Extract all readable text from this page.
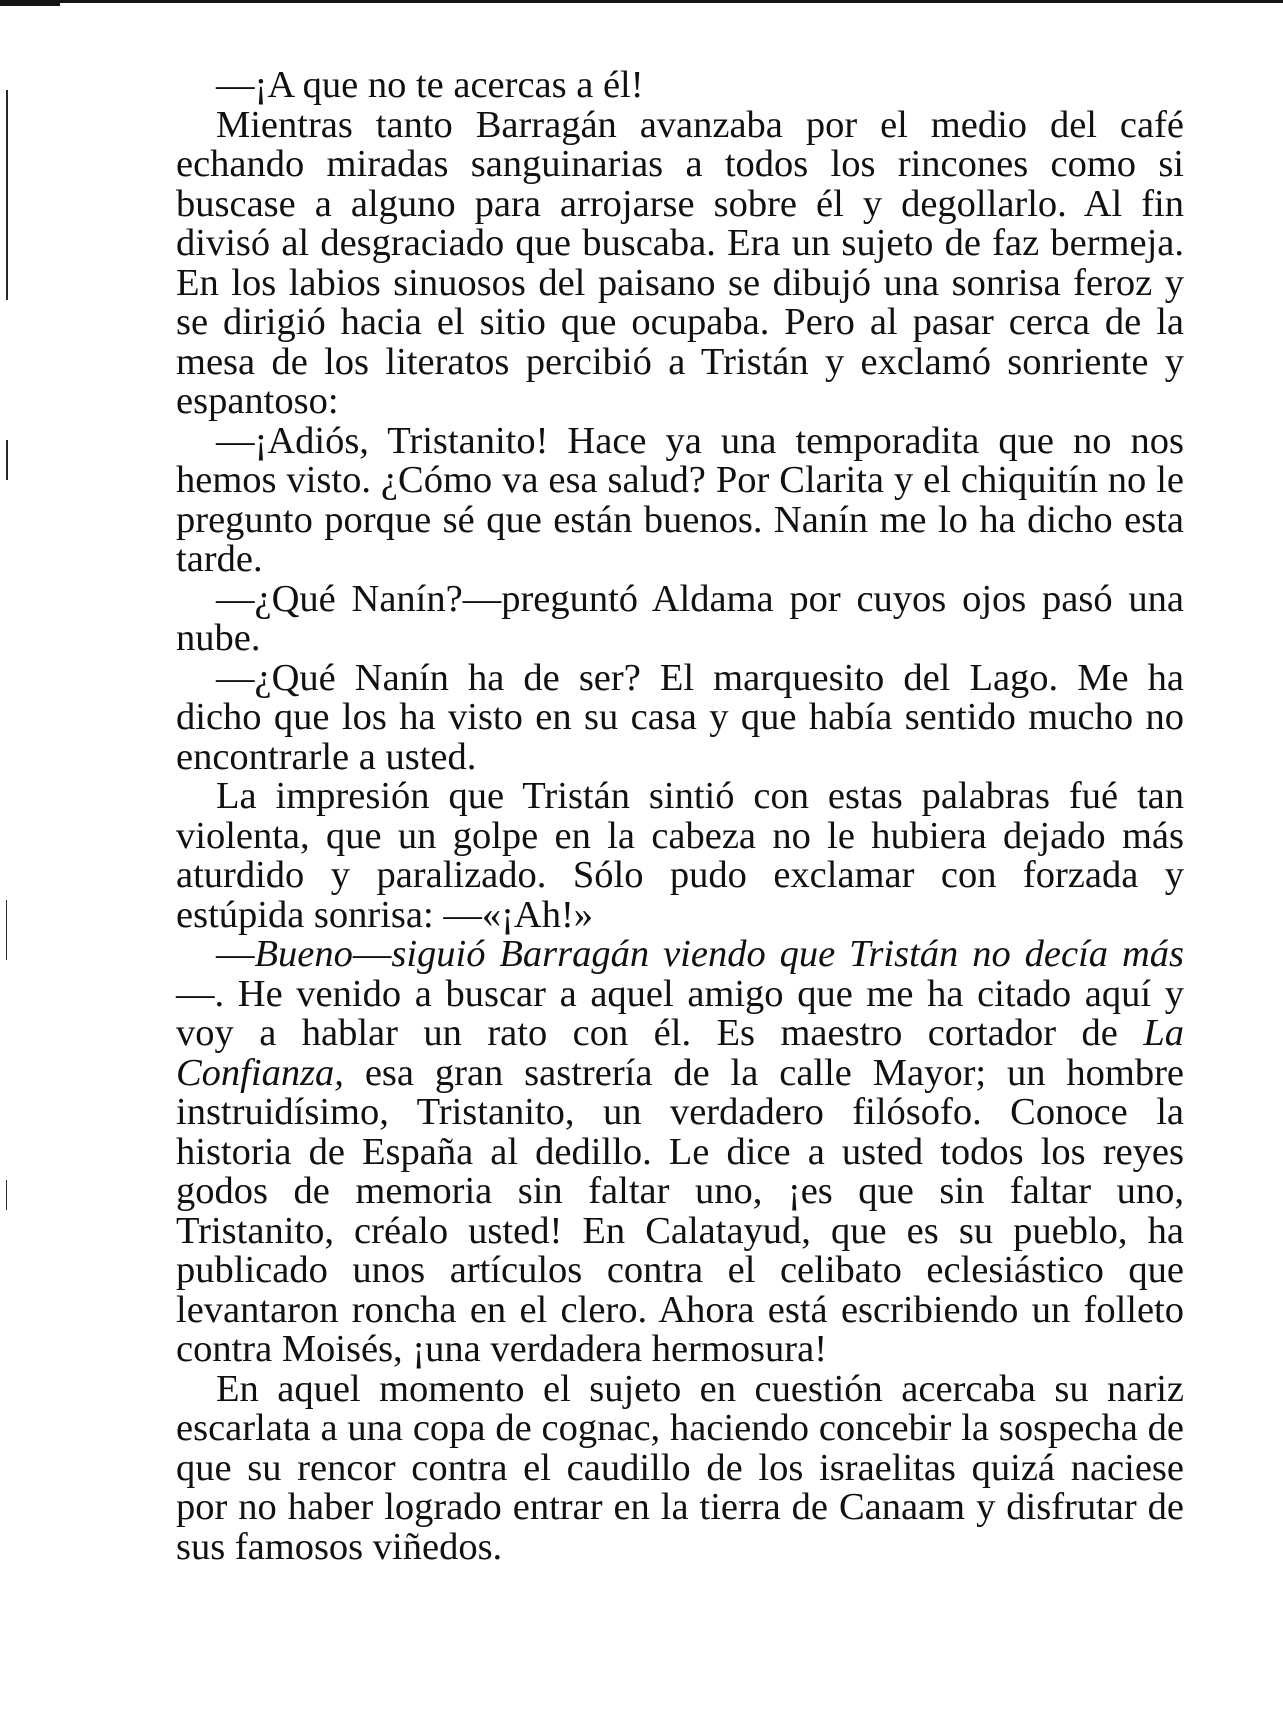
—¡A que no te acercas a él!

Mientras tanto Barragán avanzaba por el medio del café echando miradas sanguinarias a todos los rincones como si buscase a alguno para arrojarse sobre él y degollarlo. Al fin divisó al desgraciado que buscaba. Era un sujeto de faz bermeja. En los labios sinuosos del paisano se dibujó una sonrisa feroz y se dirigió hacia el sitio que ocupaba. Pero al pasar cerca de la mesa de los literatos percibió a Tristán y exclamó sonriente y espantoso:

—¡Adiós, Tristanito! Hace ya una temporadita que no nos hemos visto. ¿Cómo va esa salud? Por Clarita y el chiquitín no le pregunto porque sé que están buenos. Nanín me lo ha dicho esta tarde.

—¿Qué Nanín?—preguntó Aldama por cuyos ojos pasó una nube.

—¿Qué Nanín ha de ser? El marquesito del Lago. Me ha dicho que los ha visto en su casa y que había sentido mucho no encontrarle a usted.

La impresión que Tristán sintió con estas palabras fué tan violenta, que un golpe en la cabeza no le hubiera dejado más aturdido y paralizado. Sólo pudo exclamar con forzada y estúpida sonrisa: —«¡Ah!»

—Bueno—siguió Barragán viendo que Tristán no decía más—. He venido a buscar a aquel amigo que me ha citado aquí y voy a hablar un rato con él. Es maestro cortador de La Confianza, esa gran sastrería de la calle Mayor; un hombre instruidísimo, Tristanito, un verdadero filósofo. Conoce la historia de España al dedillo. Le dice a usted todos los reyes godos de memoria sin faltar uno, ¡es que sin faltar uno, Tristanito, créalo usted! En Calatayud, que es su pueblo, ha publicado unos artículos contra el celibato eclesiástico que levantaron roncha en el clero. Ahora está escribiendo un folleto contra Moisés, ¡una verdadera hermosura!

En aquel momento el sujeto en cuestión acercaba su nariz escarlata a una copa de cognac, haciendo concebir la sospecha de que su rencor contra el caudillo de los israelitas quizá naciese por no haber logrado entrar en la tierra de Canaam y disfrutar de sus famosos viñedos.
